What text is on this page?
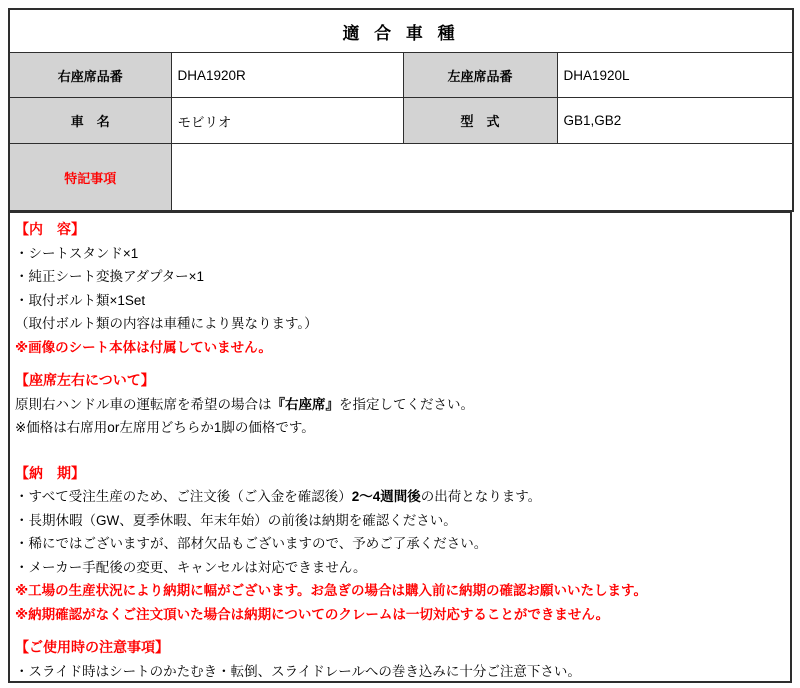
適 合 車 種			
右座席品番	DHA1920R	左座席品番	DHA1920L
車　名	モビリオ	型　式	GB1,GB2
特記事項			
【内　容】
・シートスタンド×1
・純正シート変換アダプター×1
・取付ボルト類×1Set
（取付ボルト類の内容は車種により異なります。）
※画像のシート本体は付属していません。
【座席左右について】
原則右ハンドル車の運転席を希望の場合は『右座席』を指定してください。
※価格は右席用or左席用どちらか1脚の価格です。
【納　期】
・すべて受注生産のため、ご注文後（ご入金を確認後）2～4週間後の出荷となります。
・長期休暇（GW、夏季休暇、年末年始）の前後は納期を確認ください。
・稀にではございますが、部材欠品もございますので、予めご了承ください。
・メーカー手配後の変更、キャンセルは対応できません。
※工場の生産状況により納期に幅がございます。お急ぎの場合は購入前に納期の確認お願いいたします。
※納期確認がなくご注文頂いた場合は納期についてのクレームは一切対応することができません。
【ご使用時の注意事項】
・スライド時はシートのかたむき・転倒、スライドレールへの巻き込みに十分ご注意下さい。
